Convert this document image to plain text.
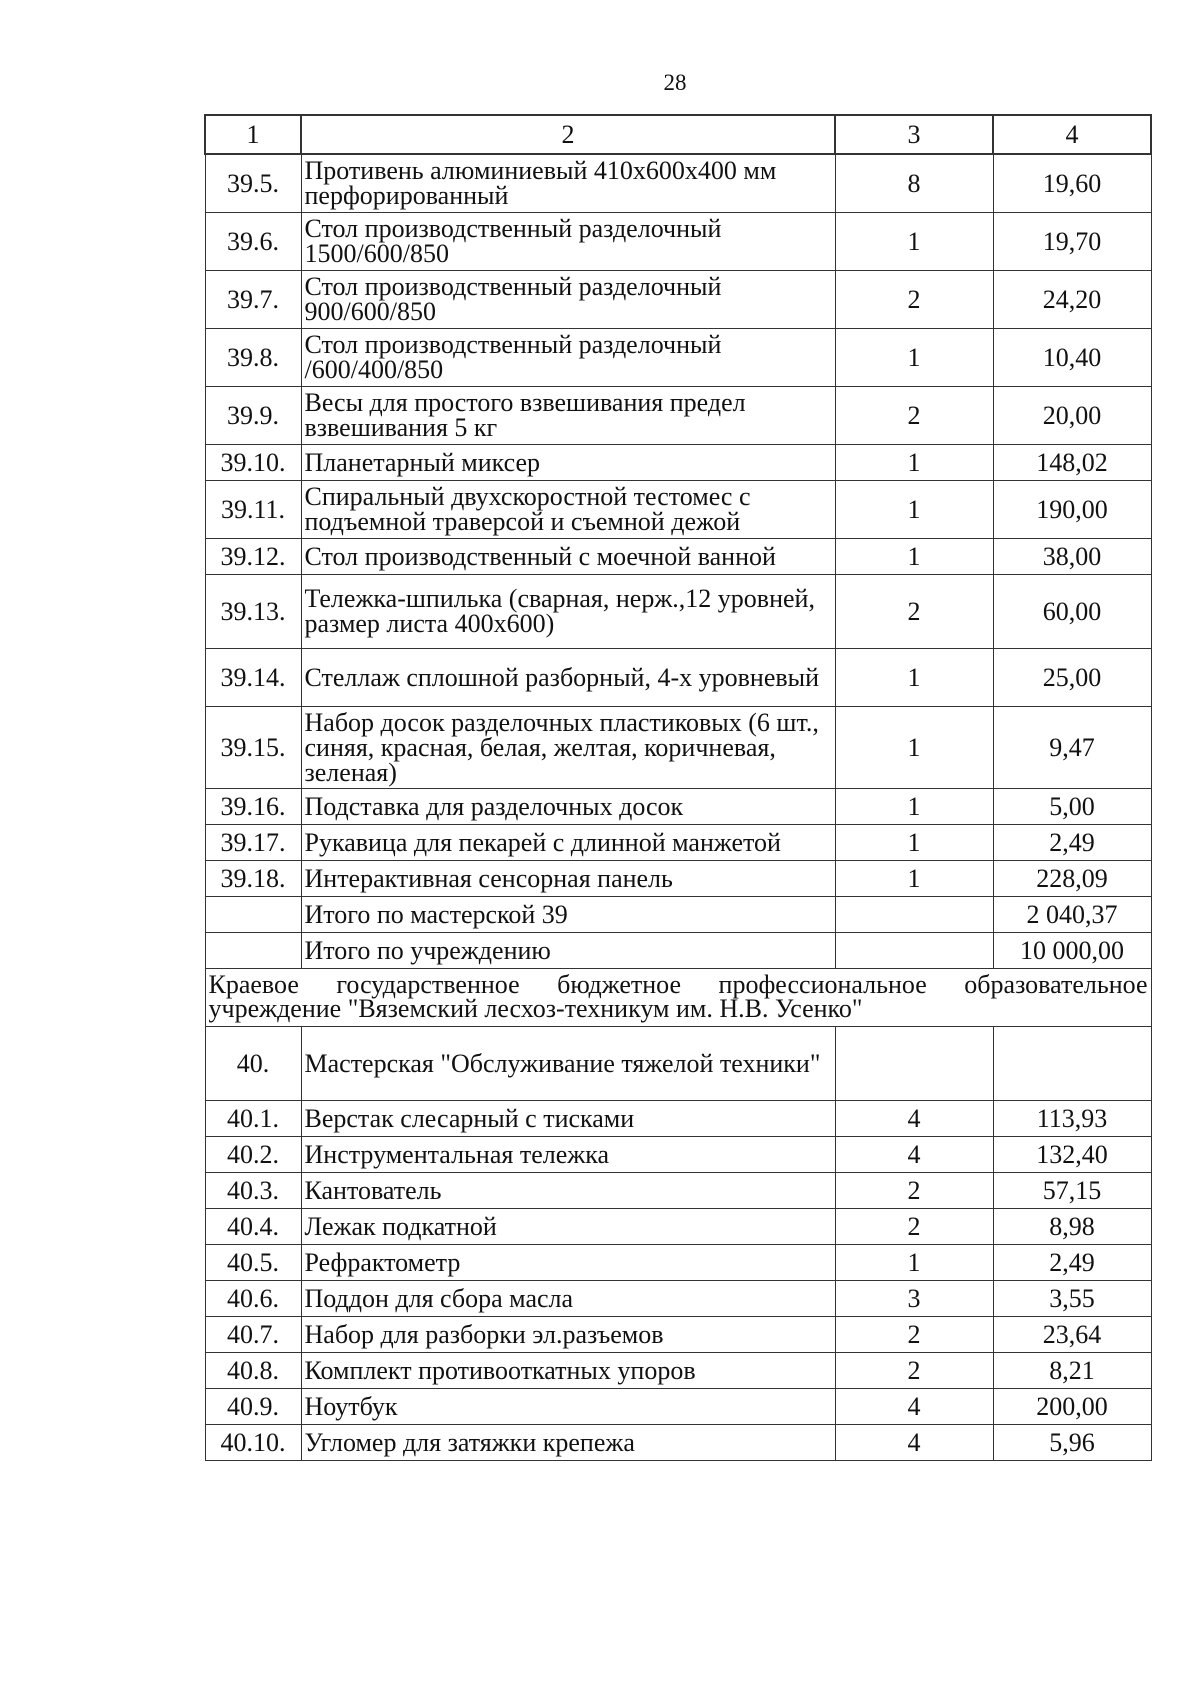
28
1	2	3	4
39.5.	Противень алюминиевый 410х600х400 мм перфорированный	8	19,60
39.6.	Стол производственный разделочный 1500/600/850	1	19,70
39.7.	Стол производственный разделочный 900/600/850	2	24,20
39.8.	Стол производственный разделочный /600/400/850	1	10,40
39.9.	Весы для простого взвешивания предел взвешивания 5 кг	2	20,00
39.10.	Планетарный миксер	1	148,02
39.11.	Спиральный двухскоростной тестомес с подъемной траверсой и съемной дежой	1	190,00
39.12.	Стол производственный с моечной ванной	1	38,00
39.13.	Тележка-шпилька (сварная, нерж.,12 уровней, размер листа 400х600)	2	60,00
39.14.	Стеллаж сплошной разборный, 4-х уровневый	1	25,00
39.15.	Набор досок разделочных пластиковых (6 шт., синяя, красная, белая, желтая, коричневая, зеленая)	1	9,47
39.16.	Подставка для разделочных досок	1	5,00
39.17.	Рукавица для пекарей с длинной манжетой	1	2,49
39.18.	Интерактивная сенсорная панель	1	228,09
	Итого по мастерской 39		2 040,37
	Итого по учреждению		10 000,00
Краевое государственное бюджетное профессиональное образовательное учреждение "Вяземский лесхоз-техникум им. Н.В. Усенко"			
40.	Мастерская "Обслуживание тяжелой техники"		
40.1.	Верстак слесарный с тисками	4	113,93
40.2.	Инструментальная тележка	4	132,40
40.3.	Кантователь	2	57,15
40.4.	Лежак подкатной	2	8,98
40.5.	Рефрактометр	1	2,49
40.6.	Поддон для сбора масла	3	3,55
40.7.	Набор для разборки эл.разъемов	2	23,64
40.8.	Комплект противооткатных упоров	2	8,21
40.9.	Ноутбук	4	200,00
40.10.	Угломер для затяжки крепежа	4	5,96
